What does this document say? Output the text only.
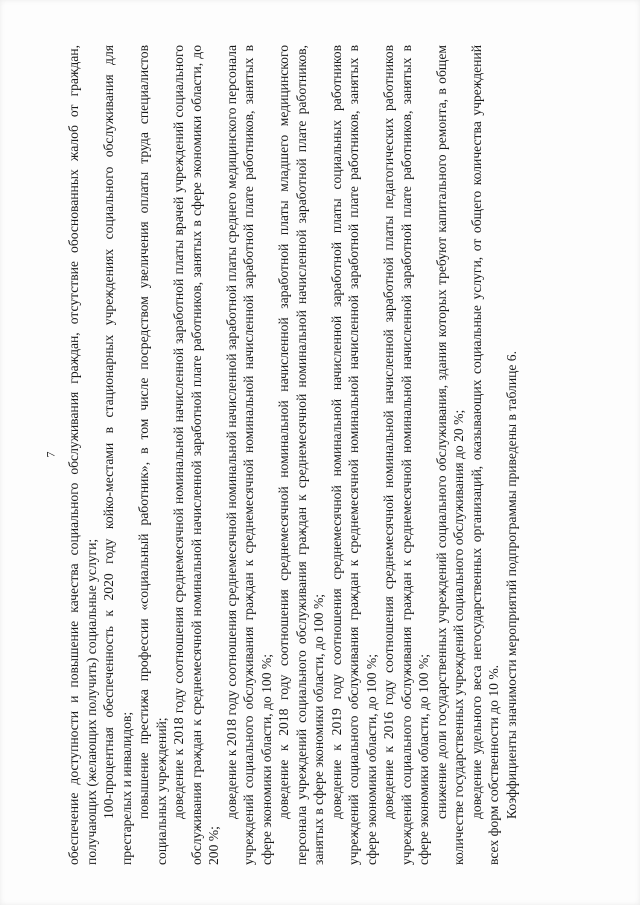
7 обеспечение доступности и повышение качества социального обслуживания граждан, отсутствие обоснованных жалоб от граждан, получающих (желающих получить) социальные услуги; 100-процентная обеспеченность к 2020 году койко-местами в стационарных учреждениях социального обслуживания для престарелых и инвалидов; повышение престижа профессии «социальный работник», в том числе посредством увеличения оплаты труда специалистов социальных учреждений; доведение к 2018 году соотношения среднемесячной номинальной начисленной заработной платы врачей учреждений социального обслуживания граждан к среднемесячной номинальной начисленной заработной плате работников, занятых в сфере экономики области, до 200 %;

доведение к 2018 году соотношения среднемесячной номинальной начисленной заработной платы среднего медицинского персонала учреждений социального обслуживания граждан к среднемесячной номинальной начисленной заработной плате работников, занятых в сфере экономики области, до 100 %; доведение к 2018 году соотношения среднемесячной номинальной начисленной заработной платы младшего медицинского персонала учреждений социального обслуживания граждан к среднемесячной номинальной начисленной заработной плате работников, занятых в сфере экономики области, до 100 %; доведение к 2019 году соотношения среднемесячной номинальной начисленной заработной платы социальных работников учреждений социального обслуживания граждан к среднемесячной номинальной начисленной заработной плате работников, занятых в сфере экономики области, до 100 %; доведение к 2016 году соотношения среднемесячной номинальной начисленной заработной платы педагогических работников учреждений социального обслуживания граждан к среднемесячной номинальной начисленной заработной плате работников, занятых в сфере экономики области, до 100 %; снижение доли государственных учреждений социального обслуживания, здания которых требуют капитального ремонта, в общем количестве государственных учреждений социального обслуживания до 20 %; доведение удельного веса негосударственных организаций, оказывающих социальные услуги, от общего количества учреждений всех форм собственности до 10 %. Коэффициенты значимости мероприятий подпрограммы приведены в таблице 6.
